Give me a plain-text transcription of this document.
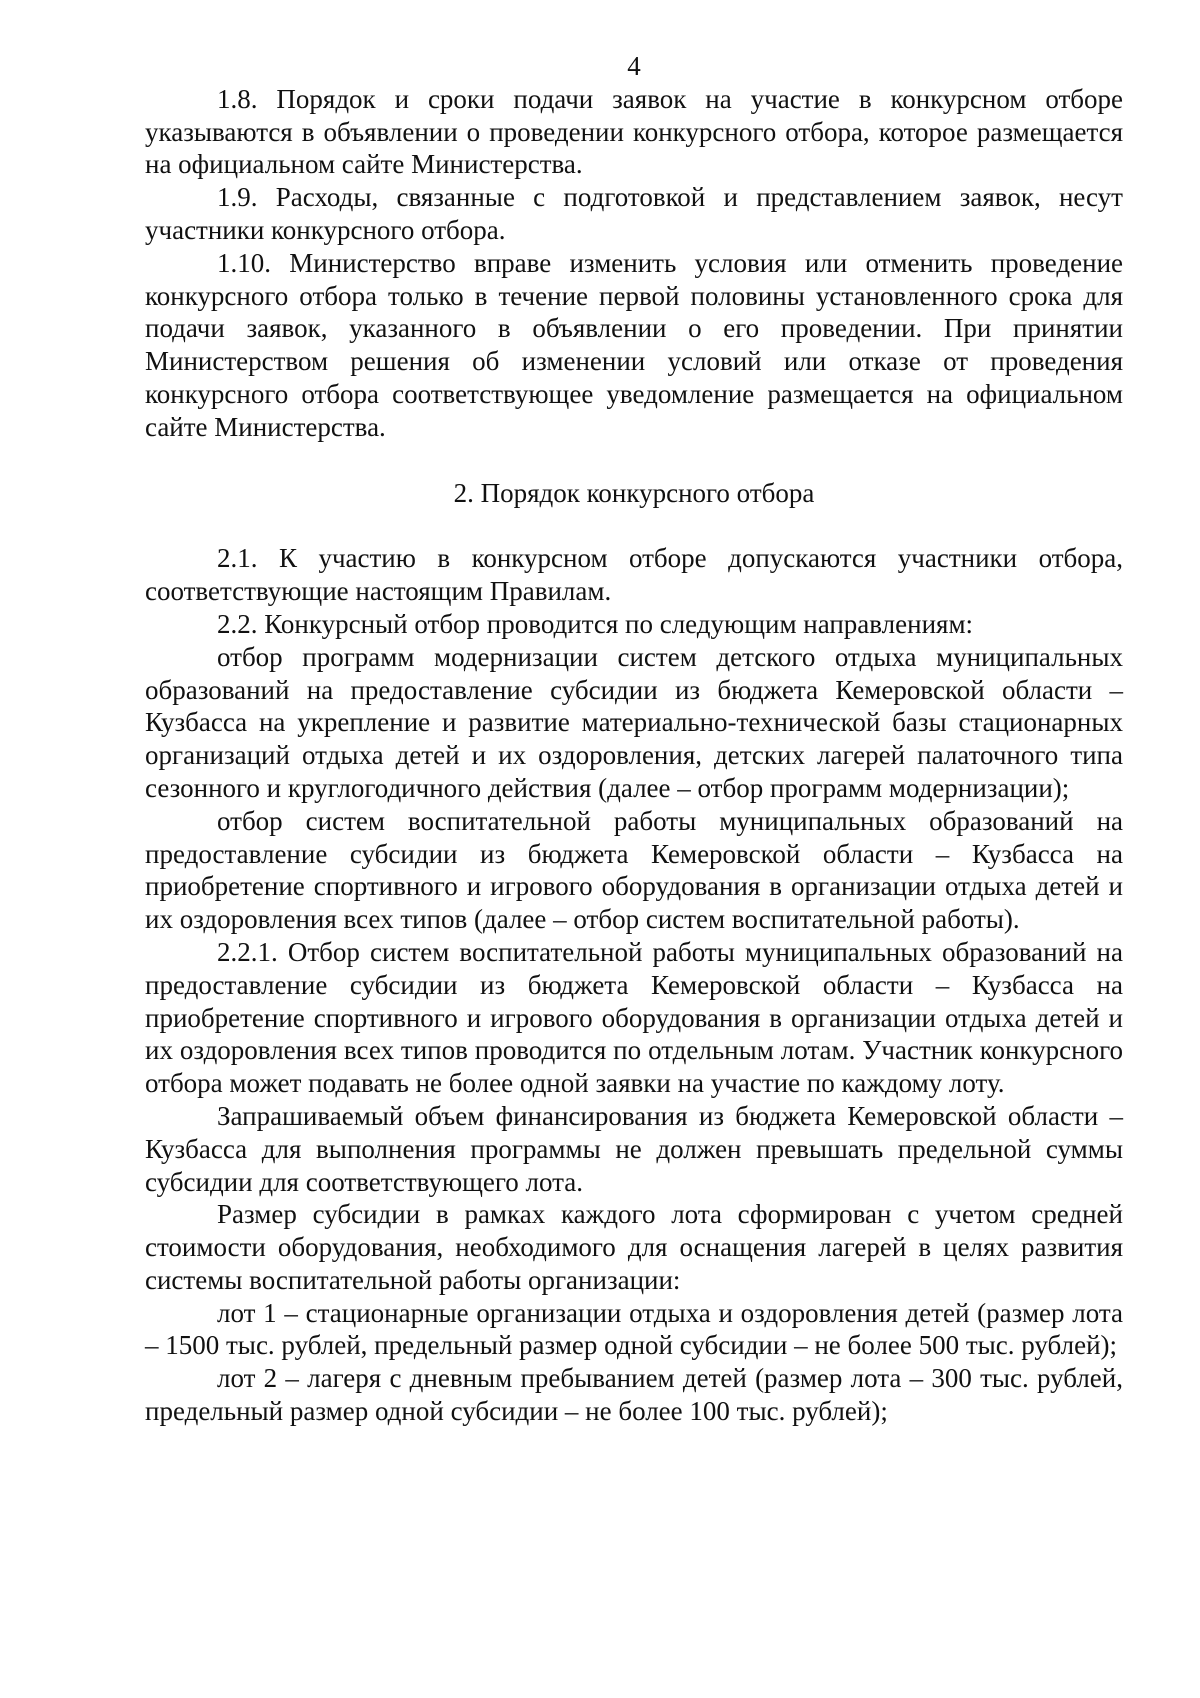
4

1.8. Порядок и сроки подачи заявок на участие в конкурсном отборе указываются в объявлении о проведении конкурсного отбора, которое размещается на официальном сайте Министерства.

1.9. Расходы, связанные с подготовкой и представлением заявок, несут участники конкурсного отбора.

1.10. Министерство вправе изменить условия или отменить проведение конкурсного отбора только в течение первой половины установленного срока для подачи заявок, указанного в объявлении о его проведении. При принятии Министерством решения об изменении условий или отказе от проведения конкурсного отбора соответствующее уведомление размещается на официальном сайте Министерства.

2. Порядок конкурсного отбора

2.1. К участию в конкурсном отборе допускаются участники отбора, соответствующие настоящим Правилам.

2.2. Конкурсный отбор проводится по следующим направлениям:

отбор программ модернизации систем детского отдыха муниципальных образований на предоставление субсидии из бюджета Кемеровской области – Кузбасса на укрепление и развитие материально-технической базы стационарных организаций отдыха детей и их оздоровления, детских лагерей палаточного типа сезонного и круглогодичного действия (далее – отбор программ модернизации);

отбор систем воспитательной работы муниципальных образований на предоставление субсидии из бюджета Кемеровской области – Кузбасса на приобретение спортивного и игрового оборудования в организации отдыха детей и их оздоровления всех типов (далее – отбор систем воспитательной работы).

2.2.1. Отбор систем воспитательной работы муниципальных образований на предоставление субсидии из бюджета Кемеровской области – Кузбасса на приобретение спортивного и игрового оборудования в организации отдыха детей и их оздоровления всех типов проводится по отдельным лотам. Участник конкурсного отбора может подавать не более одной заявки на участие по каждому лоту.

Запрашиваемый объем финансирования из бюджета Кемеровской области – Кузбасса для выполнения программы не должен превышать предельной суммы субсидии для соответствующего лота.

Размер субсидии в рамках каждого лота сформирован с учетом средней стоимости оборудования, необходимого для оснащения лагерей в целях развития системы воспитательной работы организации:

лот 1 – стационарные организации отдыха и оздоровления детей (размер лота – 1500 тыс. рублей, предельный размер одной субсидии – не более 500 тыс. рублей);

лот 2 – лагеря с дневным пребыванием детей (размер лота – 300 тыс. рублей, предельный размер одной субсидии – не более 100 тыс. рублей);
